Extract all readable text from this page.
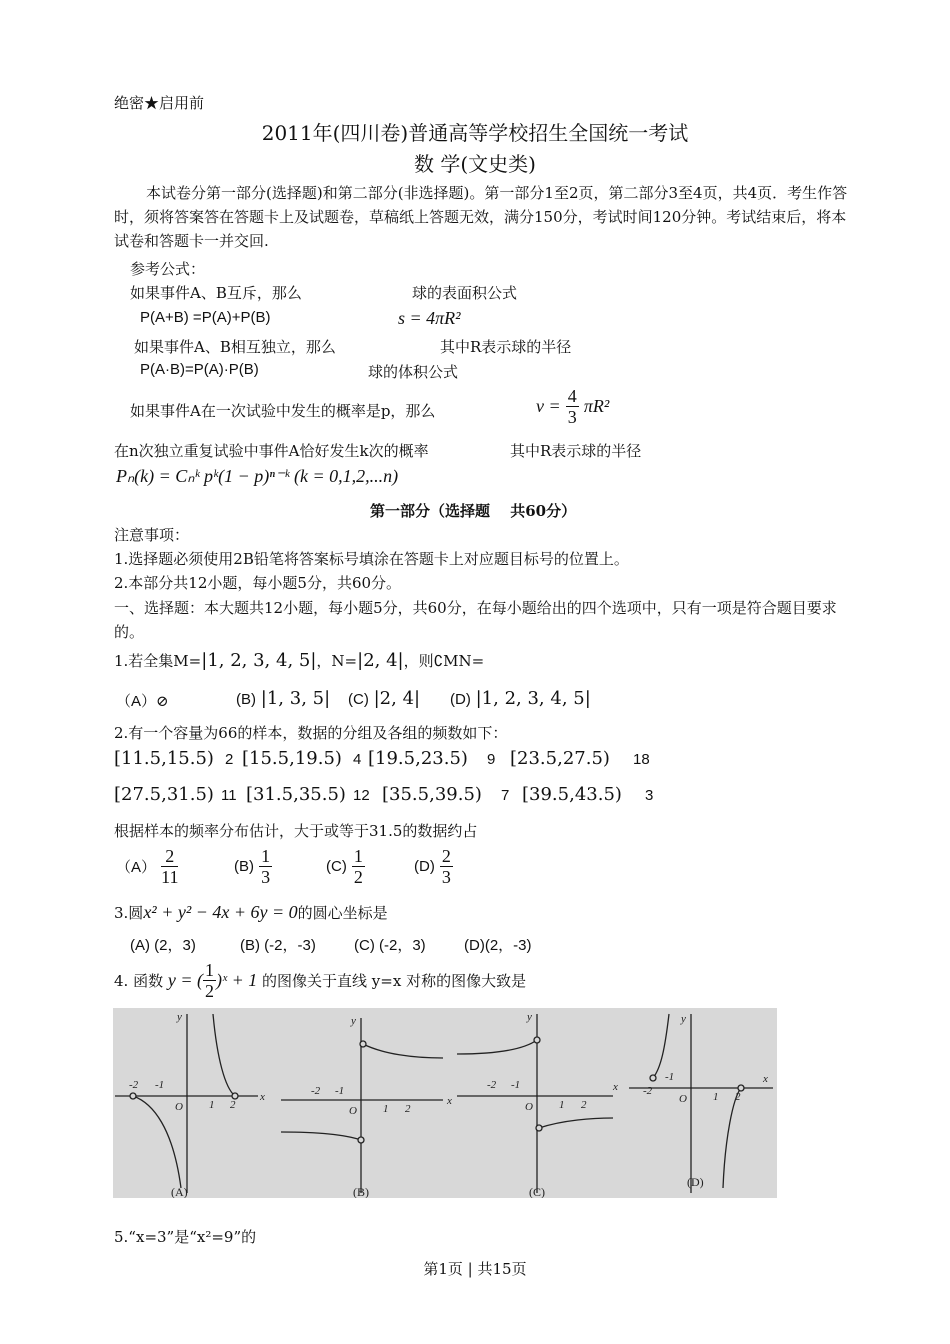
绝密★启用前
2011年(四川卷)普通高等学校招生全国统一考试
数 学(文史类)
本试卷分第一部分(选择题)和第二部分(非选择题)。第一部分1至2页，第二部分3至4页，共4页．考生作答时，须将答案答在答题卡上及试题卷，草稿纸上答题无效，满分150分，考试时间120分钟。考试结束后，将本试卷和答题卡一并交回.
参考公式：
如果事件A、B互斥，那么
P(A+B) =P(A)+P(B)
如果事件A、B相互独立，那么
P(A·B)=P(A)·P(B)
如果事件A在一次试验中发生的概率是p，那么
在n次独立重复试验中事件A恰好发生k次的概率
Pₙ(k) = Cₙᵏ pᵏ(1 − p)ⁿ⁻ᵏ (k = 0,1,2,...n)
球的表面积公式
s = 4πR²
其中R表示球的半径
球的体积公式
$v = \frac{4}{3} \pi R^2$
其中R表示球的半径
第一部分（选择题　 共60分）
注意事项：
1.选择题必须使用2B铅笔将答案标号填涂在答题卡上对应题目标号的位置上。
2.本部分共12小题，每小题5分，共60分。
一、选择题：本大题共12小题，每小题5分，共60分，在每小题给出的四个选项中，只有一项是符合题目要求的。
1.若全集M=|1, 2, 3, 4, 5|，N=|2, 4|，则∁MN=
（A）⊘	(B) |1, 3, 5| (C) |2, 4| (D) |1, 2, 3, 4, 5|
2.有一个容量为66的样本，数据的分组及各组的频数如下：
[11.5,15.5) 2 [15.5,19.5) 4 [19.5,23.5) 9 [23.5,27.5) 18
[27.5,31.5) 11 [31.5,35.5) 12 [35.5,39.5) 7 [39.5,43.5) 3
根据样本的频率分布估计，大于或等于31.5的数据约占
$(A) \frac{2}{11}$	$(B) \frac{1}{3}$	$(C) \frac{1}{2}$	$(D) \frac{2}{3}$
3.圆x² + y² − 4x + 6y = 0的圆心坐标是
(A) (2，3)	(B) (-2，-3)	(C) (-2，3)	(D)(2，-3)
4. 函数 y = ( $\frac{1}{2}$ )ˣ + 1 的图像关于直线 y=x 对称的图像大致是
x
y
O
-2 -1
1 2
(A)
x
y
O
-2 -1
1 2
(B)
x
y
O
-2 -1
1 2
(C)
x
y
O
-2
-1
1 2
(D)
5.“x=3”是“x²=9”的
第1页 | 共15页
